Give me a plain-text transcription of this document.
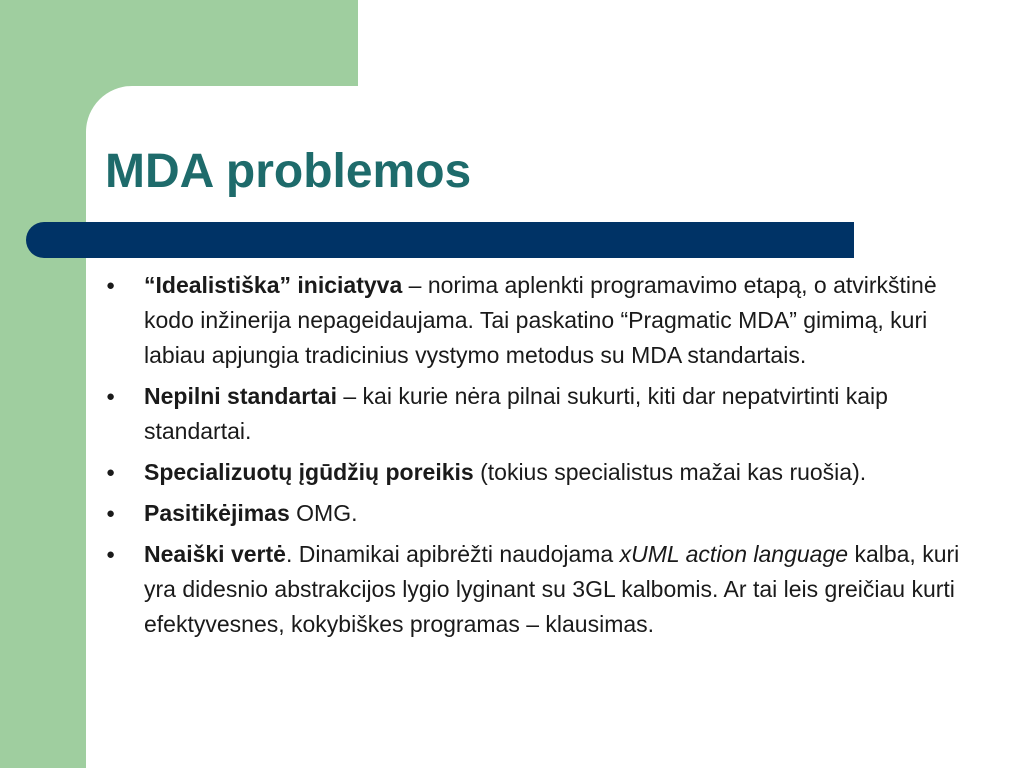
MDA problemos
● “Idealistiška” iniciatyva – norima aplenkti programavimo etapą, o atvirkštinė kodo inžinerija nepageidaujama. Tai paskatino “Pragmatic MDA” gimimą, kuri labiau apjungia tradicinius vystymo metodus su MDA standartais.
● Nepilni standartai – kai kurie nėra pilnai sukurti, kiti dar nepatvirtinti kaip standartai.
● Specializuotų įgūdžių poreikis (tokius specialistus mažai kas ruošia).
● Pasitikėjimas OMG.
● Neaiški vertė. Dinamikai apibrėžti naudojama xUML action language kalba, kuri yra didesnio abstrakcijos lygio lyginant su 3GL kalbomis. Ar tai leis greičiau kurti efektyvesnes, kokybiškes programas – klausimas.
